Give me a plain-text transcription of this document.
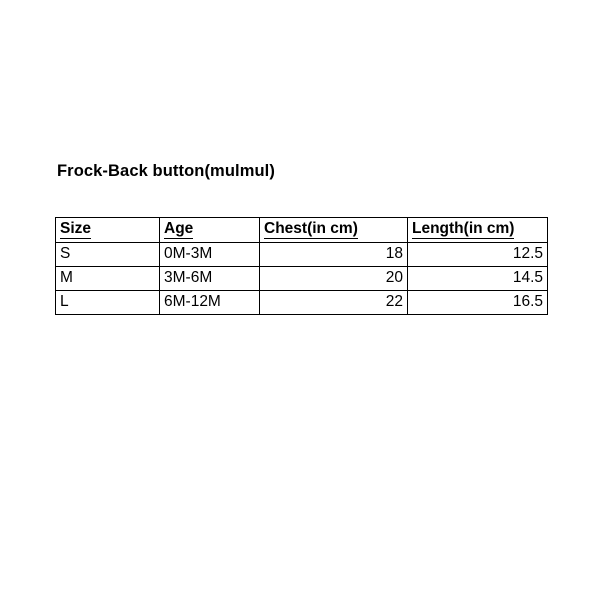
Frock-Back button(mulmul)
Size	Age	Chest(in cm)	Length(in cm)
S	0M-3M	18	12.5
M	3M-6M	20	14.5
L	6M-12M	22	16.5
